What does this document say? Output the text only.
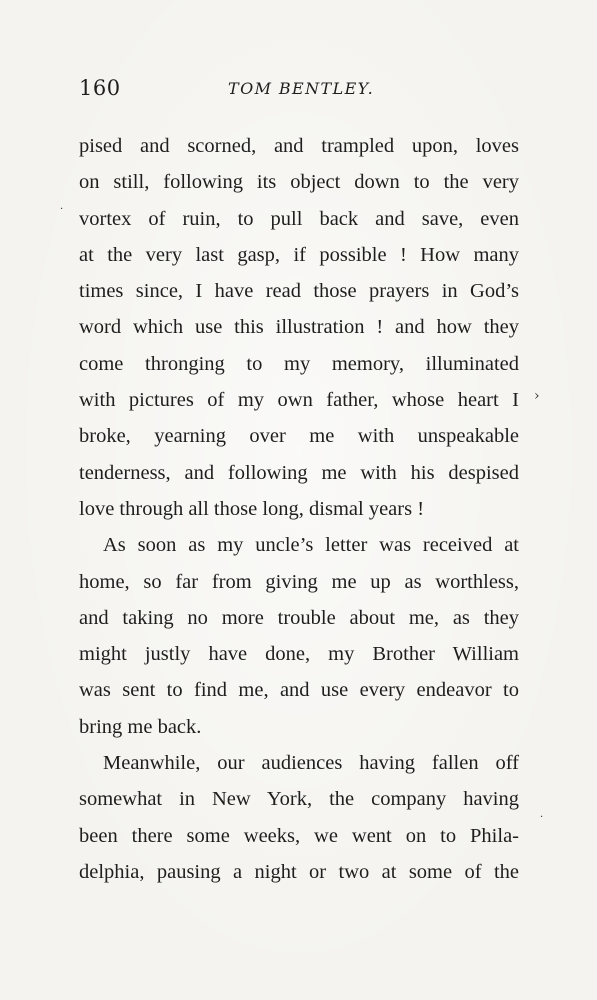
160	TOM BENTLEY.
pised and scorned, and trampled upon, loves
on still, following its object down to the very
vortex of ruin, to pull back and save, even
at the very last gasp, if possible ! How many
times since, I have read those prayers in God’s
word which use this illustration ! and how they
come thronging to my memory, illuminated
with pictures of my own father, whose heart I
broke, yearning over me with unspeakable
tenderness, and following me with his despised
love through all those long, dismal years !
As soon as my uncle’s letter was received at
home, so far from giving me up as worthless,
and taking no more trouble about me, as they
might justly have done, my Brother William
was sent to find me, and use every endeavor to
bring me back.
Meanwhile, our audiences having fallen off
somewhat in New York, the company having
been there some weeks, we went on to Phila-
delphia, pausing a night or two at some of the
·
›
·
